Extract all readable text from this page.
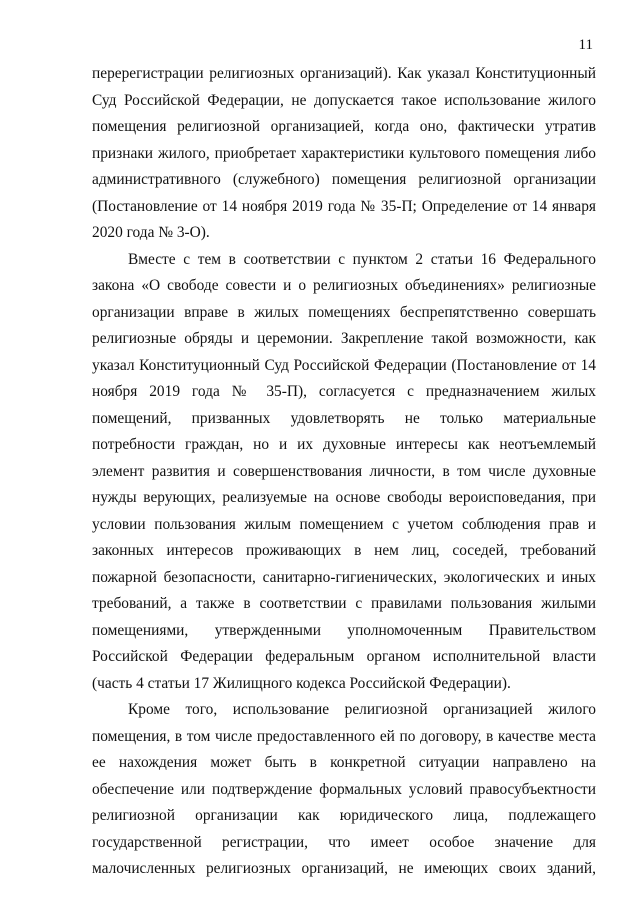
11
перерегистрации религиозных организаций). Как указал Конституционный
Суд Российской Федерации, не допускается такое использование жилого
помещения религиозной организацией, когда оно, фактически утратив
признаки жилого, приобретает характеристики культового помещения либо
административного (служебного) помещения религиозной организации
(Постановление от 14 ноября 2019 года № 35-П; Определение от 14 января
2020 года № 3-О).
Вместе с тем в соответствии с пунктом 2 статьи 16 Федерального
закона «О свободе совести и о религиозных объединениях» религиозные
организации вправе в жилых помещениях беспрепятственно совершать
религиозные обряды и церемонии. Закрепление такой возможности, как
указал Конституционный Суд Российской Федерации (Постановление от 14
ноября 2019 года № 35-П), согласуется с предназначением жилых
помещений, призванных удовлетворять не только материальные
потребности граждан, но и их духовные интересы как неотъемлемый
элемент развития и совершенствования личности, в том числе духовные
нужды верующих, реализуемые на основе свободы вероисповедания, при
условии пользования жилым помещением с учетом соблюдения прав и
законных интересов проживающих в нем лиц, соседей, требований
пожарной безопасности, санитарно-гигиенических, экологических и иных
требований, а также в соответствии с правилами пользования жилыми
помещениями, утвержденными уполномоченным Правительством
Российской Федерации федеральным органом исполнительной власти
(часть 4 статьи 17 Жилищного кодекса Российской Федерации).
Кроме того, использование религиозной организацией жилого
помещения, в том числе предоставленного ей по договору, в качестве места
ее нахождения может быть в конкретной ситуации направлено на
обеспечение или подтверждение формальных условий правосубъектности
религиозной организации как юридического лица, подлежащего
государственной регистрации, что имеет особое значение для
малочисленных религиозных организаций, не имеющих своих зданий,
